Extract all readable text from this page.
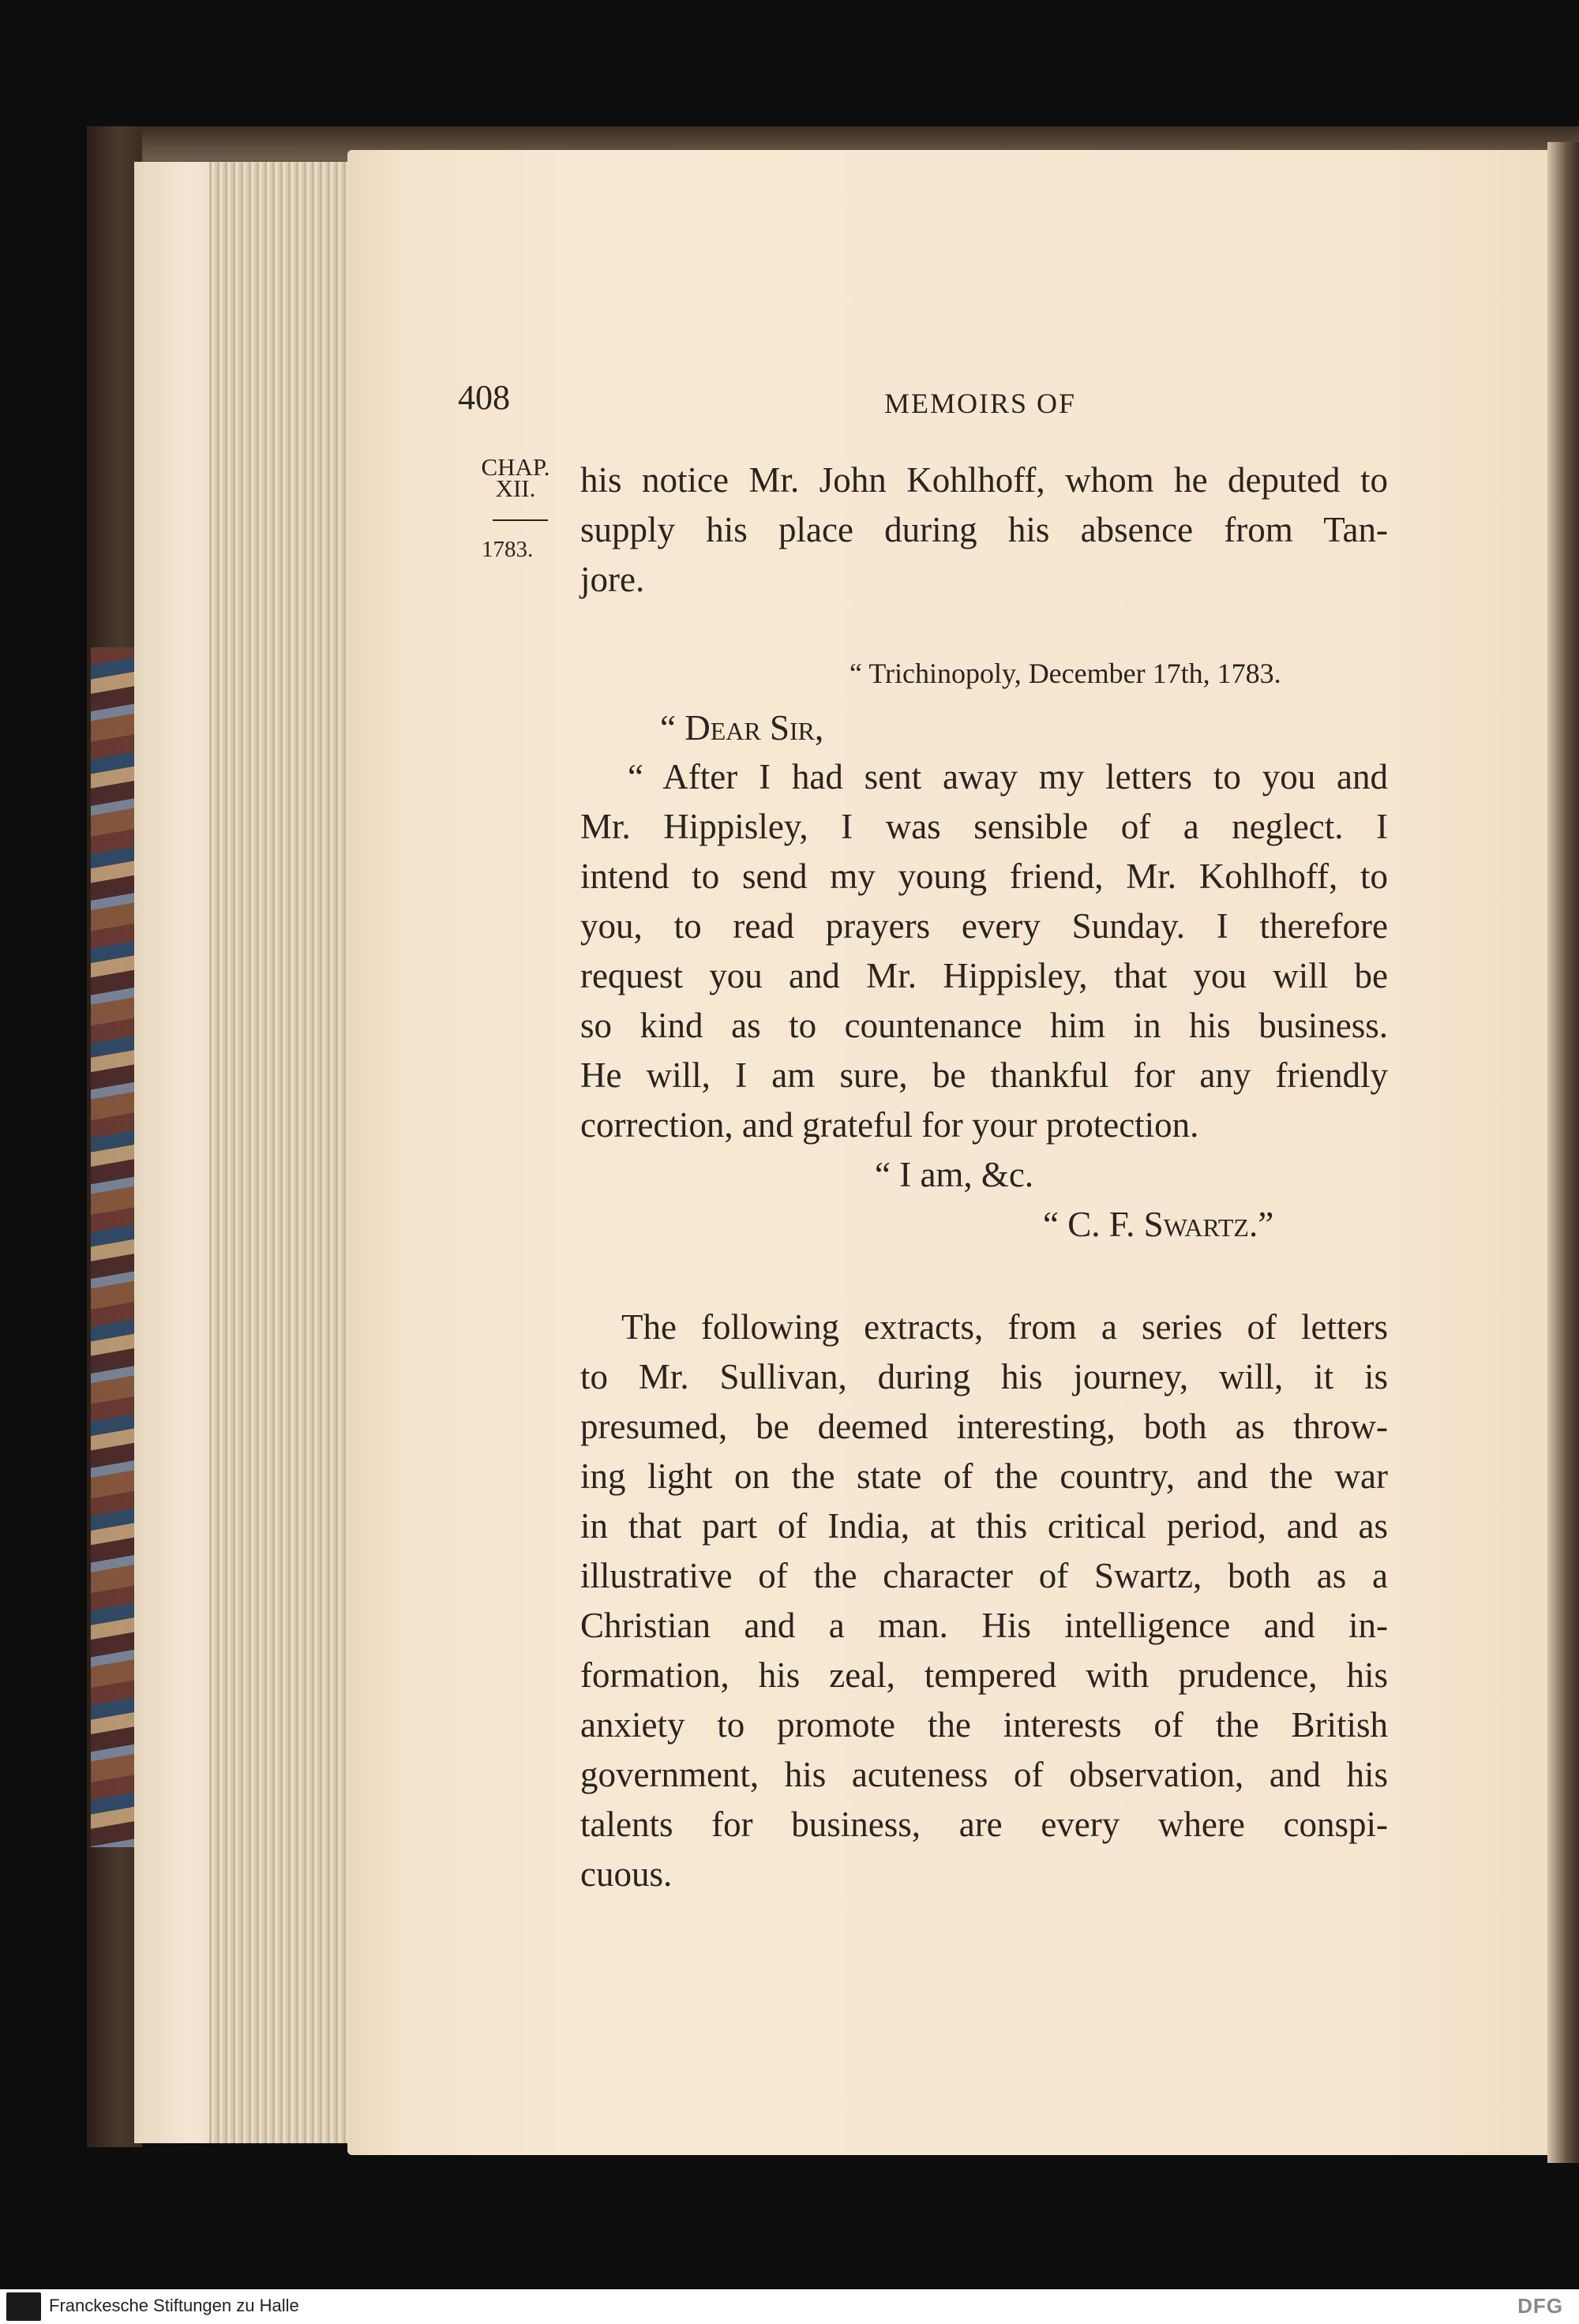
408	MEMOIRS OF
CHAP.
XII.
1783.
his notice Mr. John Kohlhoff, whom he deputed to
supply his place during his absence from Tan-
jore.
“ Trichinopoly, December 17th, 1783.
“ Dear Sir,
“ After I had sent away my letters to you and
Mr. Hippisley, I was sensible of a neglect. I
intend to send my young friend, Mr. Kohlhoff, to
you, to read prayers every Sunday. I therefore
request you and Mr. Hippisley, that you will be
so kind as to countenance him in his business.
He will, I am sure, be thankful for any friendly
correction, and grateful for your protection.
“ I am, &c.
“ C. F. Swartz.”
The following extracts, from a series of letters
to Mr. Sullivan, during his journey, will, it is
presumed, be deemed interesting, both as throw-
ing light on the state of the country, and the war
in that part of India, at this critical period, and as
illustrative of the character of Swartz, both as a
Christian and a man. His intelligence and in-
formation, his zeal, tempered with prudence, his
anxiety to promote the interests of the British
government, his acuteness of observation, and his
talents for business, are every where conspi-
cuous.
Franckesche Stiftungen zu Halle	DFG
